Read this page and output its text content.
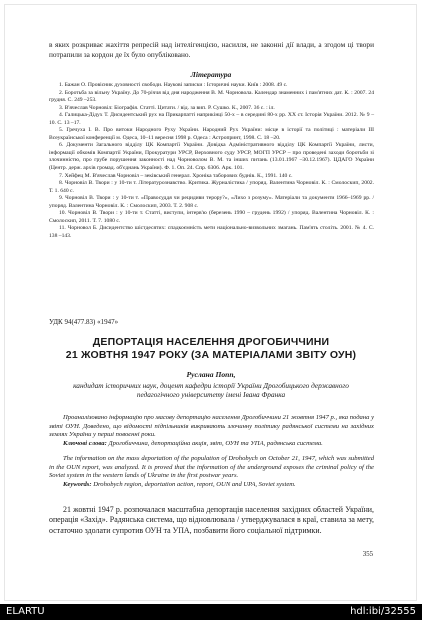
в яких розкриває жахіття репресій над інтелігенцією, насилля, не законні дії влади, а згодом ці твори потрапили за кордон де їх було опубліковано.
Література

1. Бажан О. Провісник духовності свободи. Наукові записки : Історичні науки. Київ : 2008. 49 с.

2. Боротьба за вільну Україну. До 70-річчя від дня народження В. М. Чорновола. Календар знаменних і пам'ятних дат. К. : 2007. 24 грудня. С. 249 –253.

3. В'ячеслав Чорновіл: Біографія. Статті. Цитати. / від. за вип. Р. Сушко. К., 2007. 36 с. : іл.

4. Галицька-Дідух Т. Дисидентський рух на Прикарпатті наприкінці 50-х – в середині 80-х рр. ХХ ст. Історія України. 2012. № 9 –10. С. 13 –17.

5. Гречуха І. В. Про витоки Народного Руху України. Народний Рух України: місце в історії та політиці : матеріали III Всеукраїнської конференції м. Одеса, 10–11 вересня 1998 р. Одеса : Астропринт, 1998. С. 18 –20.

6. Документи Загального відділу ЦК Компартії України. Довідка Адміністративного відділу ЦК Компартії України, листи, інформації обкомів Компартії України, Прокуратури УРСР, Верховного суду УРСР, МОГП УРСР – про проведені заходи боротьби зі злочинністю, про грубе порушення законності над Чорноволом В. М. та інших питань (13.01.1967 –30.12.1967). ЦДАГО України (Центр. держ. архів громад. об'єднань України). Ф. 1. Оп. 24. Спр. 6306. Арк. 101.

7. Хейфец М. В'ячеслав Чорновіл – зеківський генерал. Хроніка таборових буднів. К., 1991. 140 с.

8. Чорновіл В. Твори : у 10-ти т. Літературознавство. Критика. Журналістика / упоряд. Валентина Чорновіл. К. : Смолоскип, 2002. Т. 1. 640 с.

9. Чорновіл В. Твори : у 10-ти т. «Правосуддя чи рецидиви терору?», «Лихо з розуму». Матеріали та документи 1966–1969 рр. / упоряд. Валентина Чорновіл. К. : Смолоскип, 2003. Т. 2. 908 с.

10. Чорновіл В. Твори : у 10-ти т. Статті, виступи, інтерв'ю (березень 1990 – грудень 1992) / упоряд. Валентина Чорновіл. К. : Смолоскип, 2011. Т. 7. 1080 с.

11. Чорновол Б. Дисидентство шістдесятих: спадкоємність мети національно-визвольних змагань. Пам'ять століть. 2001. № 4. С. 138 –143.

УДК 94(477.83) «1947»
ДЕПОРТАЦІЯ НАСЕЛЕННЯ ДРОГОБИЧЧИНИ
21 ЖОВТНЯ 1947 РОКУ (ЗА МАТЕРІАЛАМИ ЗВІТУ ОУН)
Руслана Попп,
кандидат історичних наук, доцент кафедри історії України Дрогобицького державного педагогічного університету імені Івана Франка

Проаналізовано інформацію про масову депортацію населення Дрогобиччини 21 жовтня 1947 р., яка подана у звіті ОУН. Доведено, що відомості підпільників викривають злочинну політику радянської системи на західних землях України у перші повоєнні роки.

Ключові слова: Дрогобиччина, депортаційна акція, звіт, ОУН та УПА, радянська система.

The information on the mass deportation of the population of Drohobych on October 21, 1947, which was submitted in the OUN report, was analyzed. It is proved that the information of the underground exposes the criminal policy of the Soviet system in the western lands of Ukraine in the first postwar years.

Keywords: Drohobych region, deportation action, report, OUN and UPA, Soviet system.

21 жовтні 1947 р. розпочалася масштабна депортація населення західних областей України, операція «Захід». Радянська система, що відновлювала / утверджувалася в краї, ставила за мету, остаточно здолати супротив ОУН та УПА, позбавити його соціальної підтримки.

355
ELARTU	hdl:ibi/32555
